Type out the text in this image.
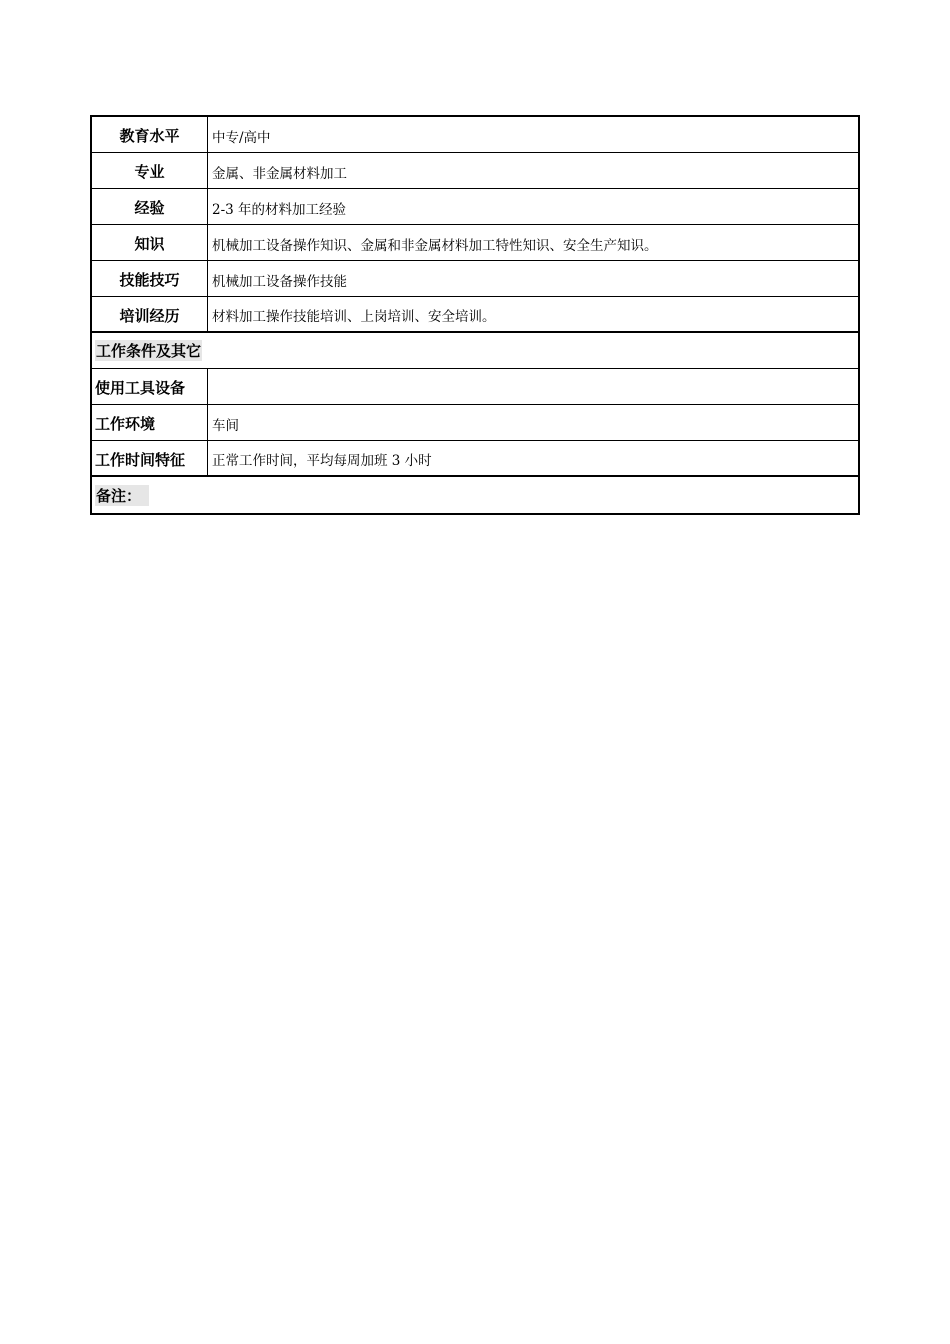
教育水平	中专/高中
专业	金属、非金属材料加工
经验	2-3 年的材料加工经验
知识	机械加工设备操作知识、金属和非金属材料加工特性知识、安全生产知识。
技能技巧	机械加工设备操作技能
培训经历	材料加工操作技能培训、上岗培训、安全培训。
工作条件及其它
使用工具设备
工作环境	车间
工作时间特征	正常工作时间，平均每周加班 3 小时
备注：
